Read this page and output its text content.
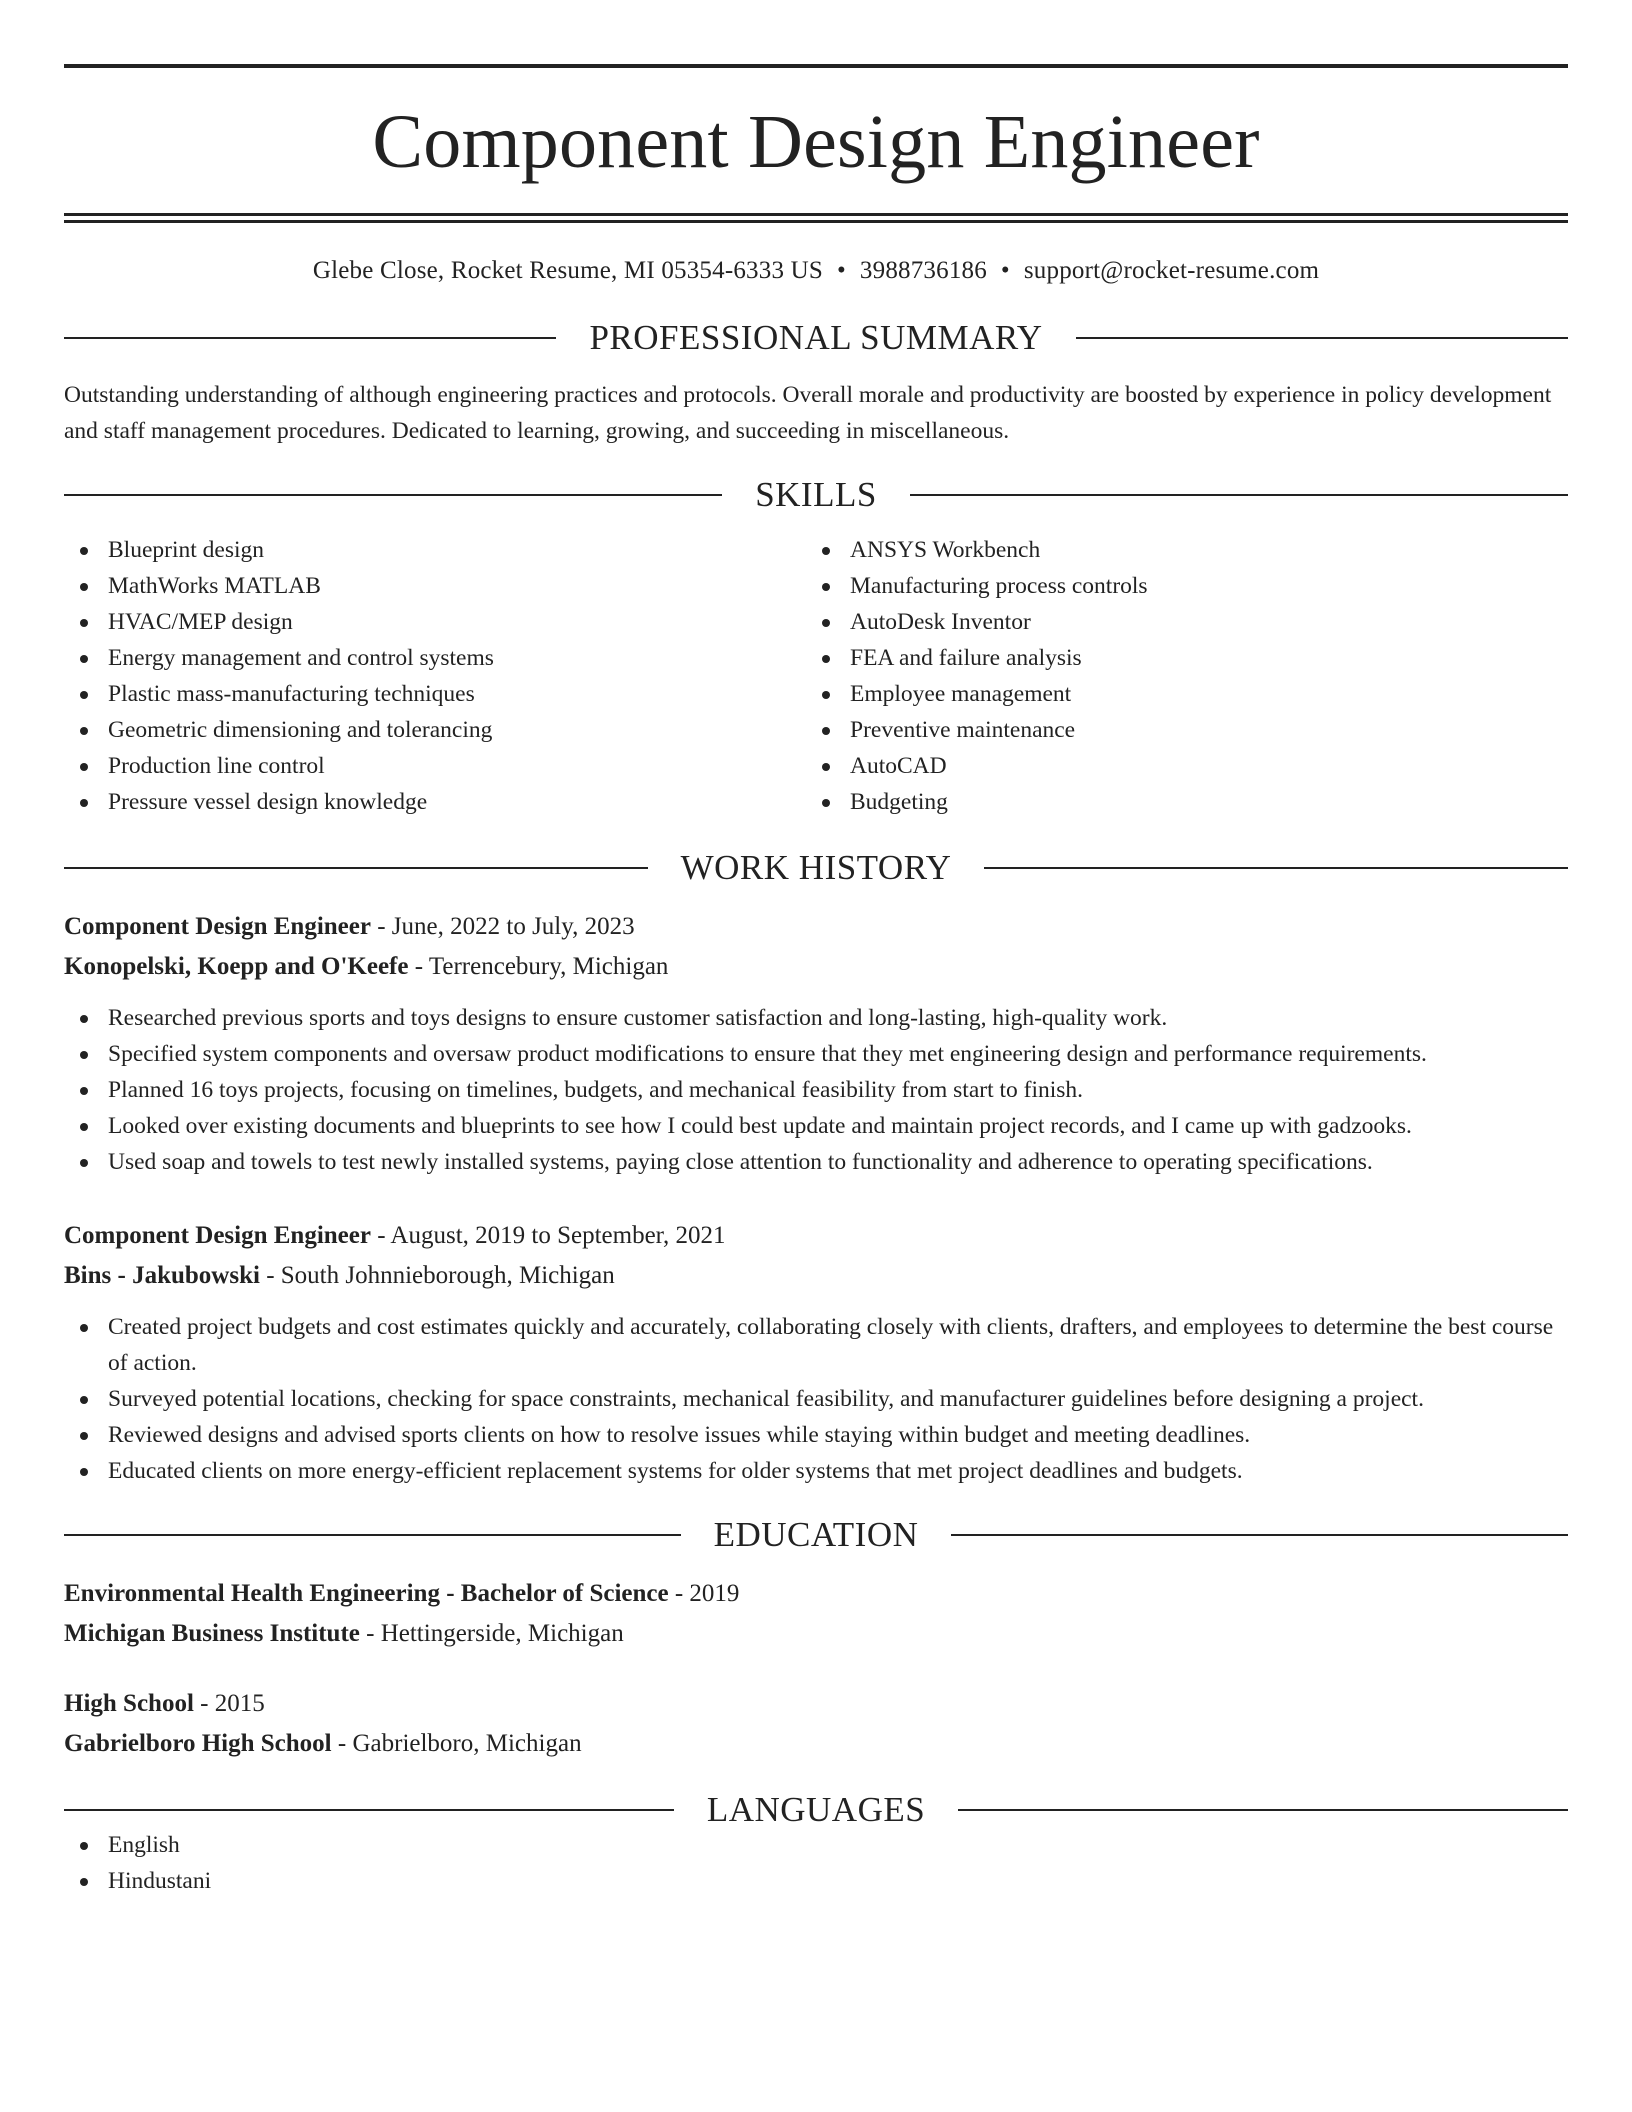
Component Design Engineer
Glebe Close, Rocket Resume, MI 05354-6333 US • 3988736186 • support@rocket-resume.com
PROFESSIONAL SUMMARY

Outstanding understanding of although engineering practices and protocols. Overall morale and productivity are boosted by experience in policy development and staff management procedures. Dedicated to learning, growing, and succeeding in miscellaneous.

SKILLS
Blueprint design
MathWorks MATLAB
HVAC/MEP design
Energy management and control systems
Plastic mass-manufacturing techniques
Geometric dimensioning and tolerancing
Production line control
Pressure vessel design knowledge
ANSYS Workbench
Manufacturing process controls
AutoDesk Inventor
FEA and failure analysis
Employee management
Preventive maintenance
AutoCAD
Budgeting
WORK HISTORY
Component Design Engineer - June, 2022 to July, 2023
Konopelski, Koepp and O'Keefe - Terrencebury, Michigan
Researched previous sports and toys designs to ensure customer satisfaction and long-lasting, high-quality work.
Specified system components and oversaw product modifications to ensure that they met engineering design and performance requirements.
Planned 16 toys projects, focusing on timelines, budgets, and mechanical feasibility from start to finish.
Looked over existing documents and blueprints to see how I could best update and maintain project records, and I came up with gadzooks.
Used soap and towels to test newly installed systems, paying close attention to functionality and adherence to operating specifications.
Component Design Engineer - August, 2019 to September, 2021
Bins - Jakubowski - South Johnnieborough, Michigan
Created project budgets and cost estimates quickly and accurately, collaborating closely with clients, drafters, and employees to determine the best course of action.
Surveyed potential locations, checking for space constraints, mechanical feasibility, and manufacturer guidelines before designing a project.
Reviewed designs and advised sports clients on how to resolve issues while staying within budget and meeting deadlines.
Educated clients on more energy-efficient replacement systems for older systems that met project deadlines and budgets.
EDUCATION
Environmental Health Engineering - Bachelor of Science - 2019
Michigan Business Institute - Hettingerside, Michigan
High School - 2015
Gabrielboro High School - Gabrielboro, Michigan
LANGUAGES
English
Hindustani
